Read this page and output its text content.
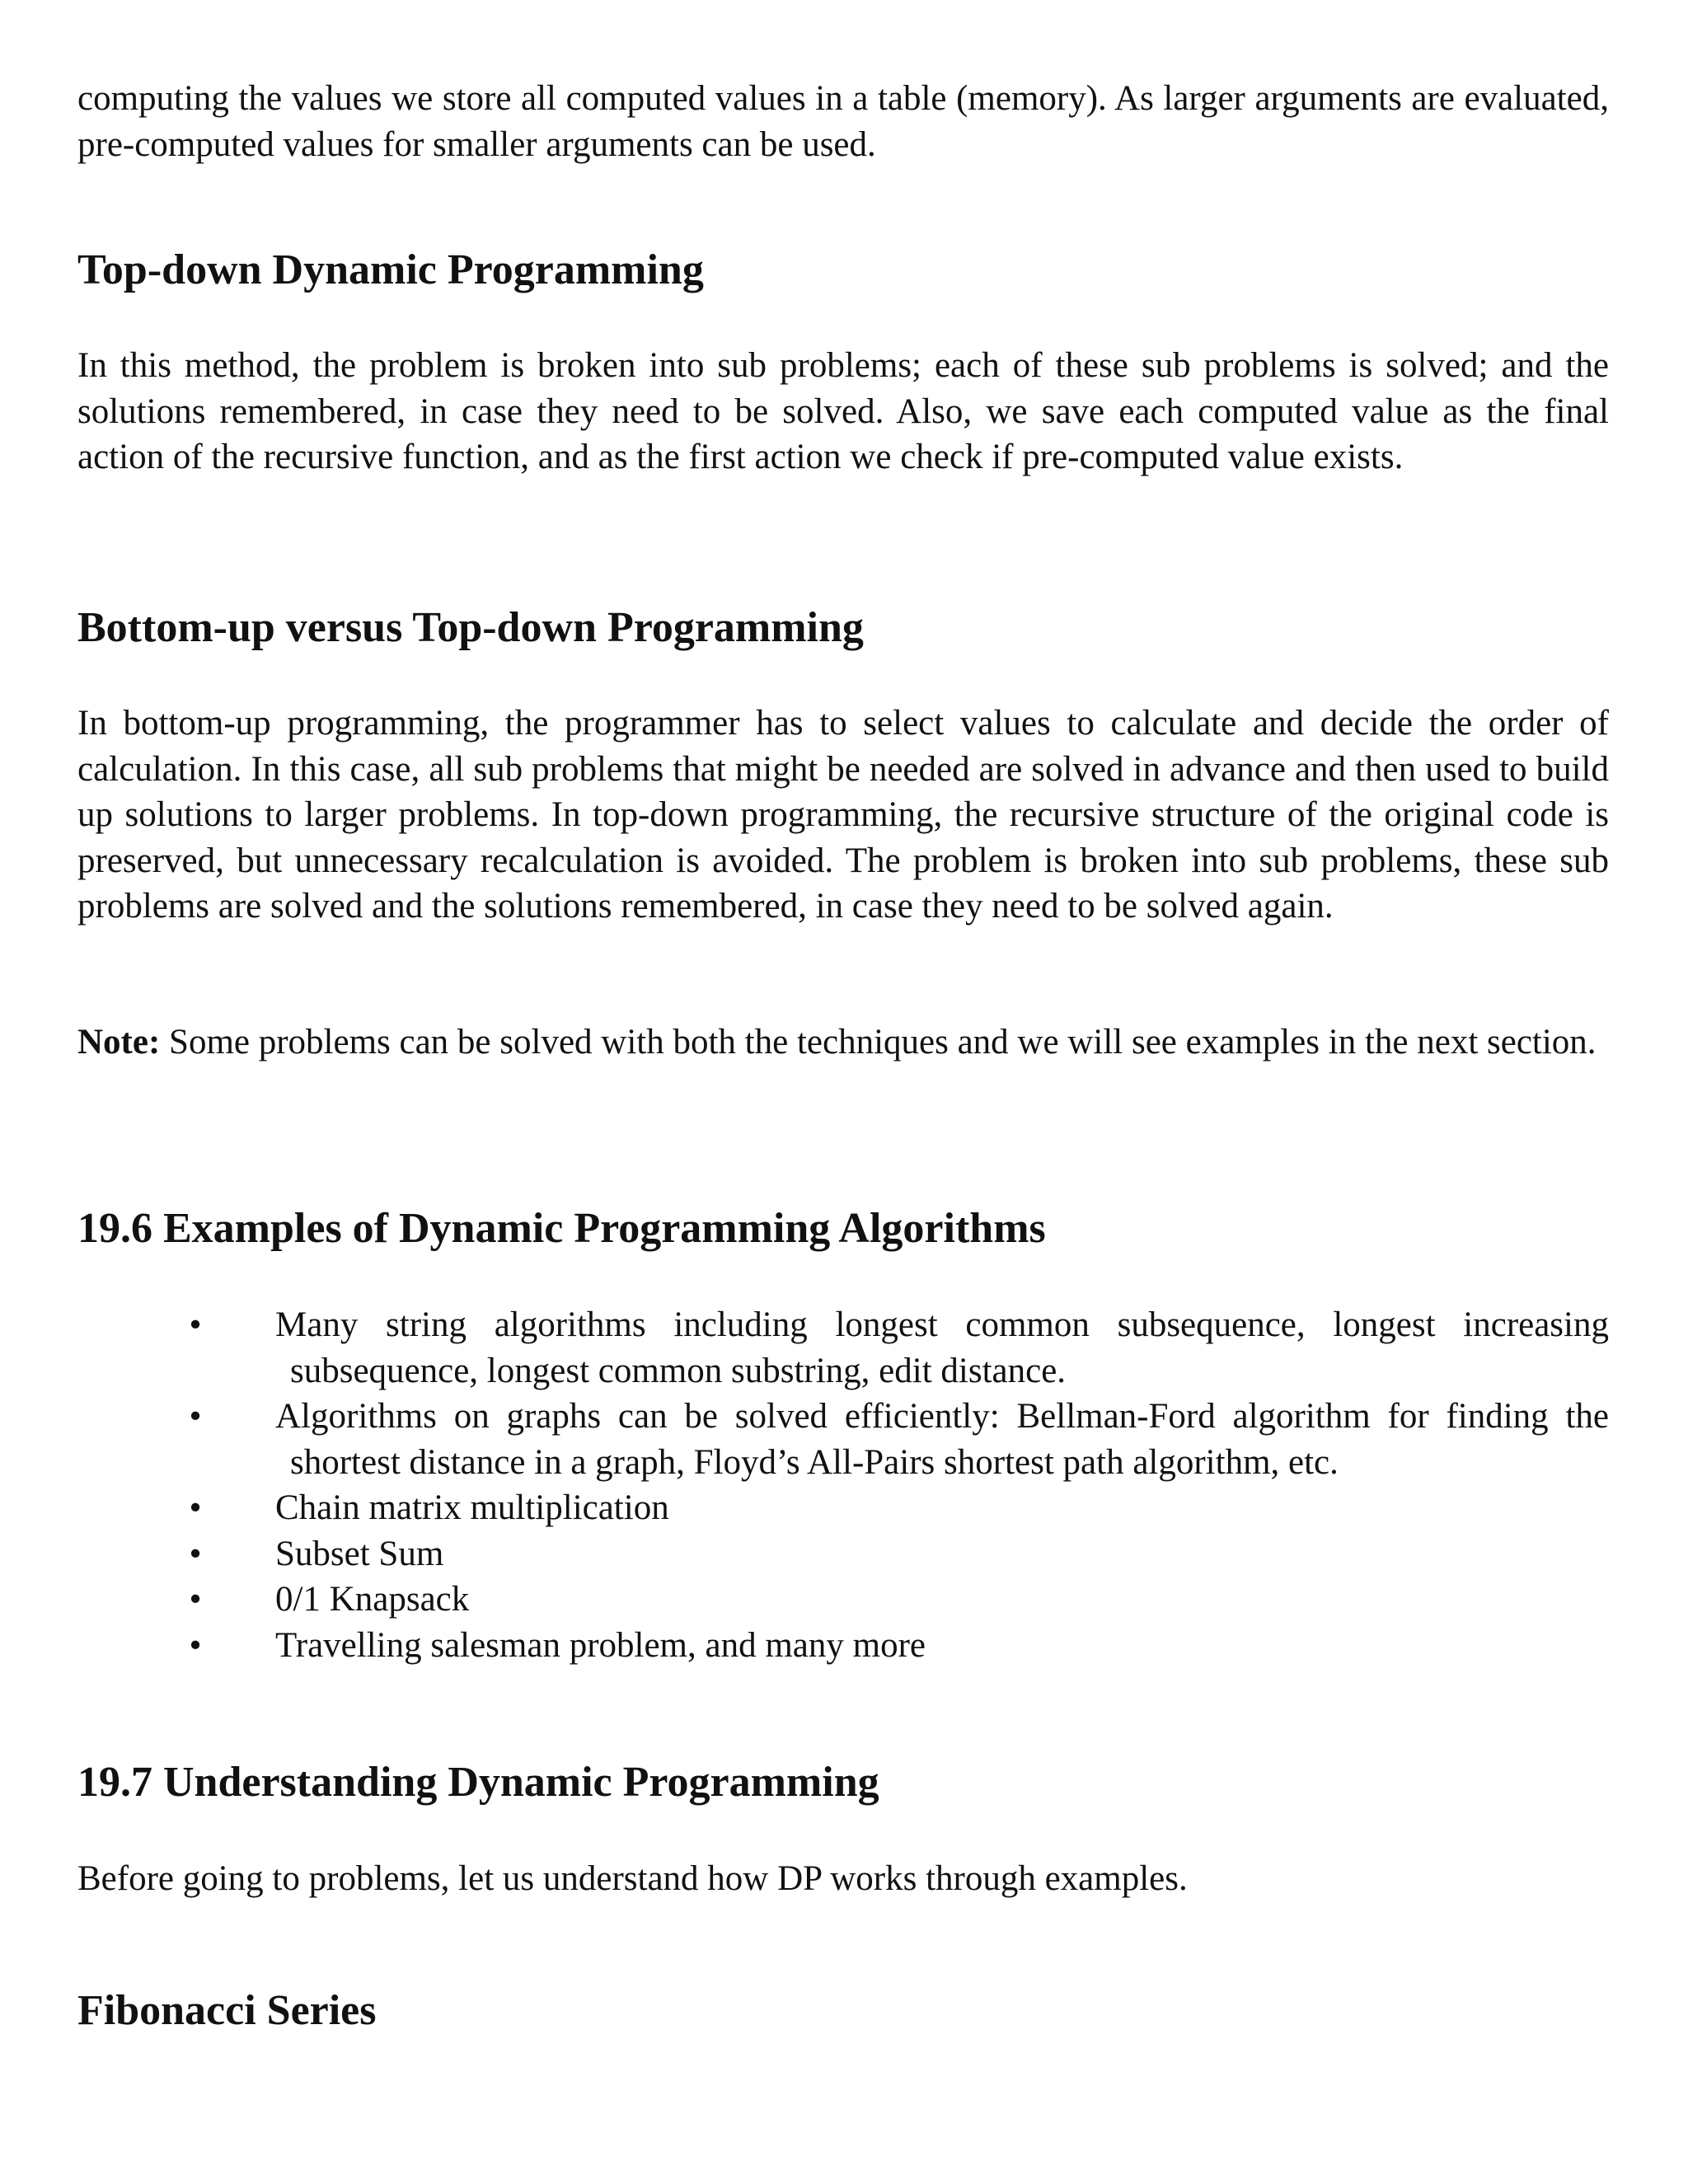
computing the values we store all computed values in a table (memory). As larger arguments are evaluated, pre-computed values for smaller arguments can be used.

Top-down Dynamic Programming

In this method, the problem is broken into sub problems; each of these sub problems is solved; and the solutions remembered, in case they need to be solved. Also, we save each computed value as the final action of the recursive function, and as the first action we check if pre-computed value exists.

Bottom-up versus Top-down Programming

In bottom-up programming, the programmer has to select values to calculate and decide the order of calculation. In this case, all sub problems that might be needed are solved in advance and then used to build up solutions to larger problems. In top-down programming, the recursive structure of the original code is preserved, but unnecessary recalculation is avoided. The problem is broken into sub problems, these sub problems are solved and the solutions remembered, in case they need to be solved again.

Note: Some problems can be solved with both the techniques and we will see examples in the next section.

19.6 Examples of Dynamic Programming Algorithms
• Many string algorithms including longest common subsequence, longest increasing subsequence, longest common substring, edit distance.
• Algorithms on graphs can be solved efficiently: Bellman-Ford algorithm for finding the shortest distance in a graph, Floyd’s All-Pairs shortest path algorithm, etc.
• Chain matrix multiplication
• Subset Sum
• 0/1 Knapsack
• Travelling salesman problem, and many more
19.7 Understanding Dynamic Programming

Before going to problems, let us understand how DP works through examples.

Fibonacci Series
